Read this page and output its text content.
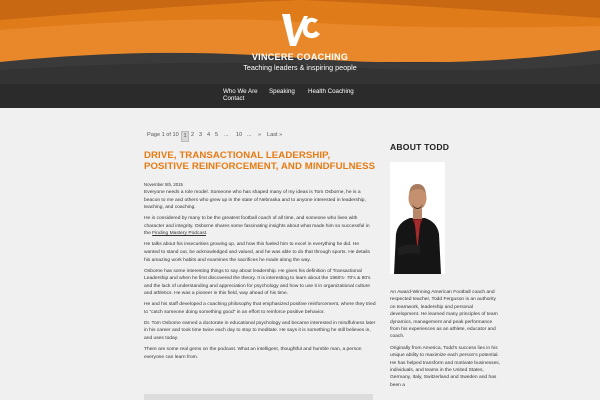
VINCERE COACHING
Teaching leaders & inspiring people
Who We Are Speaking Health Coaching
Contact
Page 1 of 10 1 2 3 4 5 ... 10 ... » Last »
DRIVE, TRANSACTIONAL LEADERSHIP, POSITIVE REINFORCEMENT, AND MINDFULNESS
November 5th, 2015

Everyone needs a role model. Someone who has shaped many of my ideas is Tom Osborne, he is a beacon to me and others who grew up in the state of Nebraska and to anyone interested in leadership, teaching, and coaching.

He is considered by many to be the greatest football coach of all time, and someone who lives with character and integrity. Osborne shares some fascinating insights about what made him so successful in the Finding Mastery Podcast.

He talks about his insecurities growing up, and how this fueled him to excel in everything he did. He wanted to stand out, be acknowledged and valued, and he was able to do that through sports. He details his amazing work habits and examines the sacrifices he made along the way.

Osborne has some interesting things to say about leadership. He gives his definition of Transactional Leadership and when he first discovered the theory. It is interesting to learn about the 1960's- 70's & 80's and the lack of understanding and appreciation for psychology and how to use it in organizational culture and athletics. He was a pioneer in this field, way ahead of his time.

He and his staff developed a coaching philosophy that emphasized positive reinforcement, where they tried to “catch someone doing something good” in an effort to reinforce positive behavior.

Dr. Tom Osborne earned a doctorate in educational psychology and became interested in mindfulness later in his career and took time twice each day to stop to meditate. He says it is something he still believes in, and uses today.

There are some real gems on the podcast. What an intelligent, thoughtful and humble man, a person everyone can learn from.

ABOUT TODD

An Award-Winning American Football coach and respected teacher, Todd Ferguson is an authority on teamwork, leadership and personal development. He learned many principles of team dynamics, management and peak performance from his experiences as an athlete, educator and coach.

Originally from America, Todd's success lies in his unique ability to maximize each person's potential. He has helped transform and motivate businesses, individuals, and teams in the United States, Germany, Italy, Switzerland and Sweden and has been a
